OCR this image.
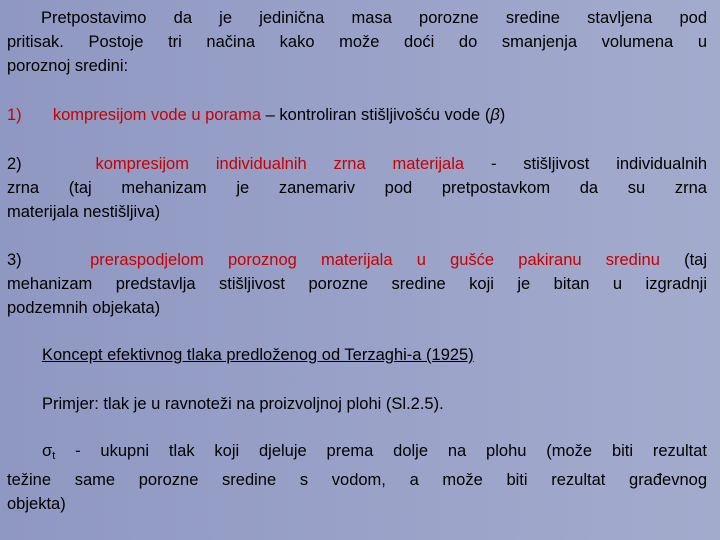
Pretpostavimo da je jedinična masa porozne sredine stavljena pod
pritisak. Postoje tri načina kako može doći do smanjenja volumena u
poroznoj sredini:
1) kompresijom vode u porama – kontroliran stišljivošću vode (β)
2)	kompresijom individualnih zrna materijala - stišljivost individualnih
zrna (taj mehanizam je zanemariv pod pretpostavkom da su zrna
materijala nestišljiva)
3)	preraspodjelom poroznog materijala u gušće pakiranu sredinu (taj
mehanizam predstavlja stišljivost porozne sredine koji je bitan u izgradnji
podzemnih objekata)
Koncept efektivnog tlaka predloženog od Terzaghi-a (1925)
Primjer: tlak je u ravnoteži na proizvoljnoj plohi (Sl.2.5).
$\sigma_t$ - ukupni tlak koji djeluje prema dolje na plohu (može biti rezultat
težine same porozne sredine s vodom, a može biti rezultat građevnog
objekta)
